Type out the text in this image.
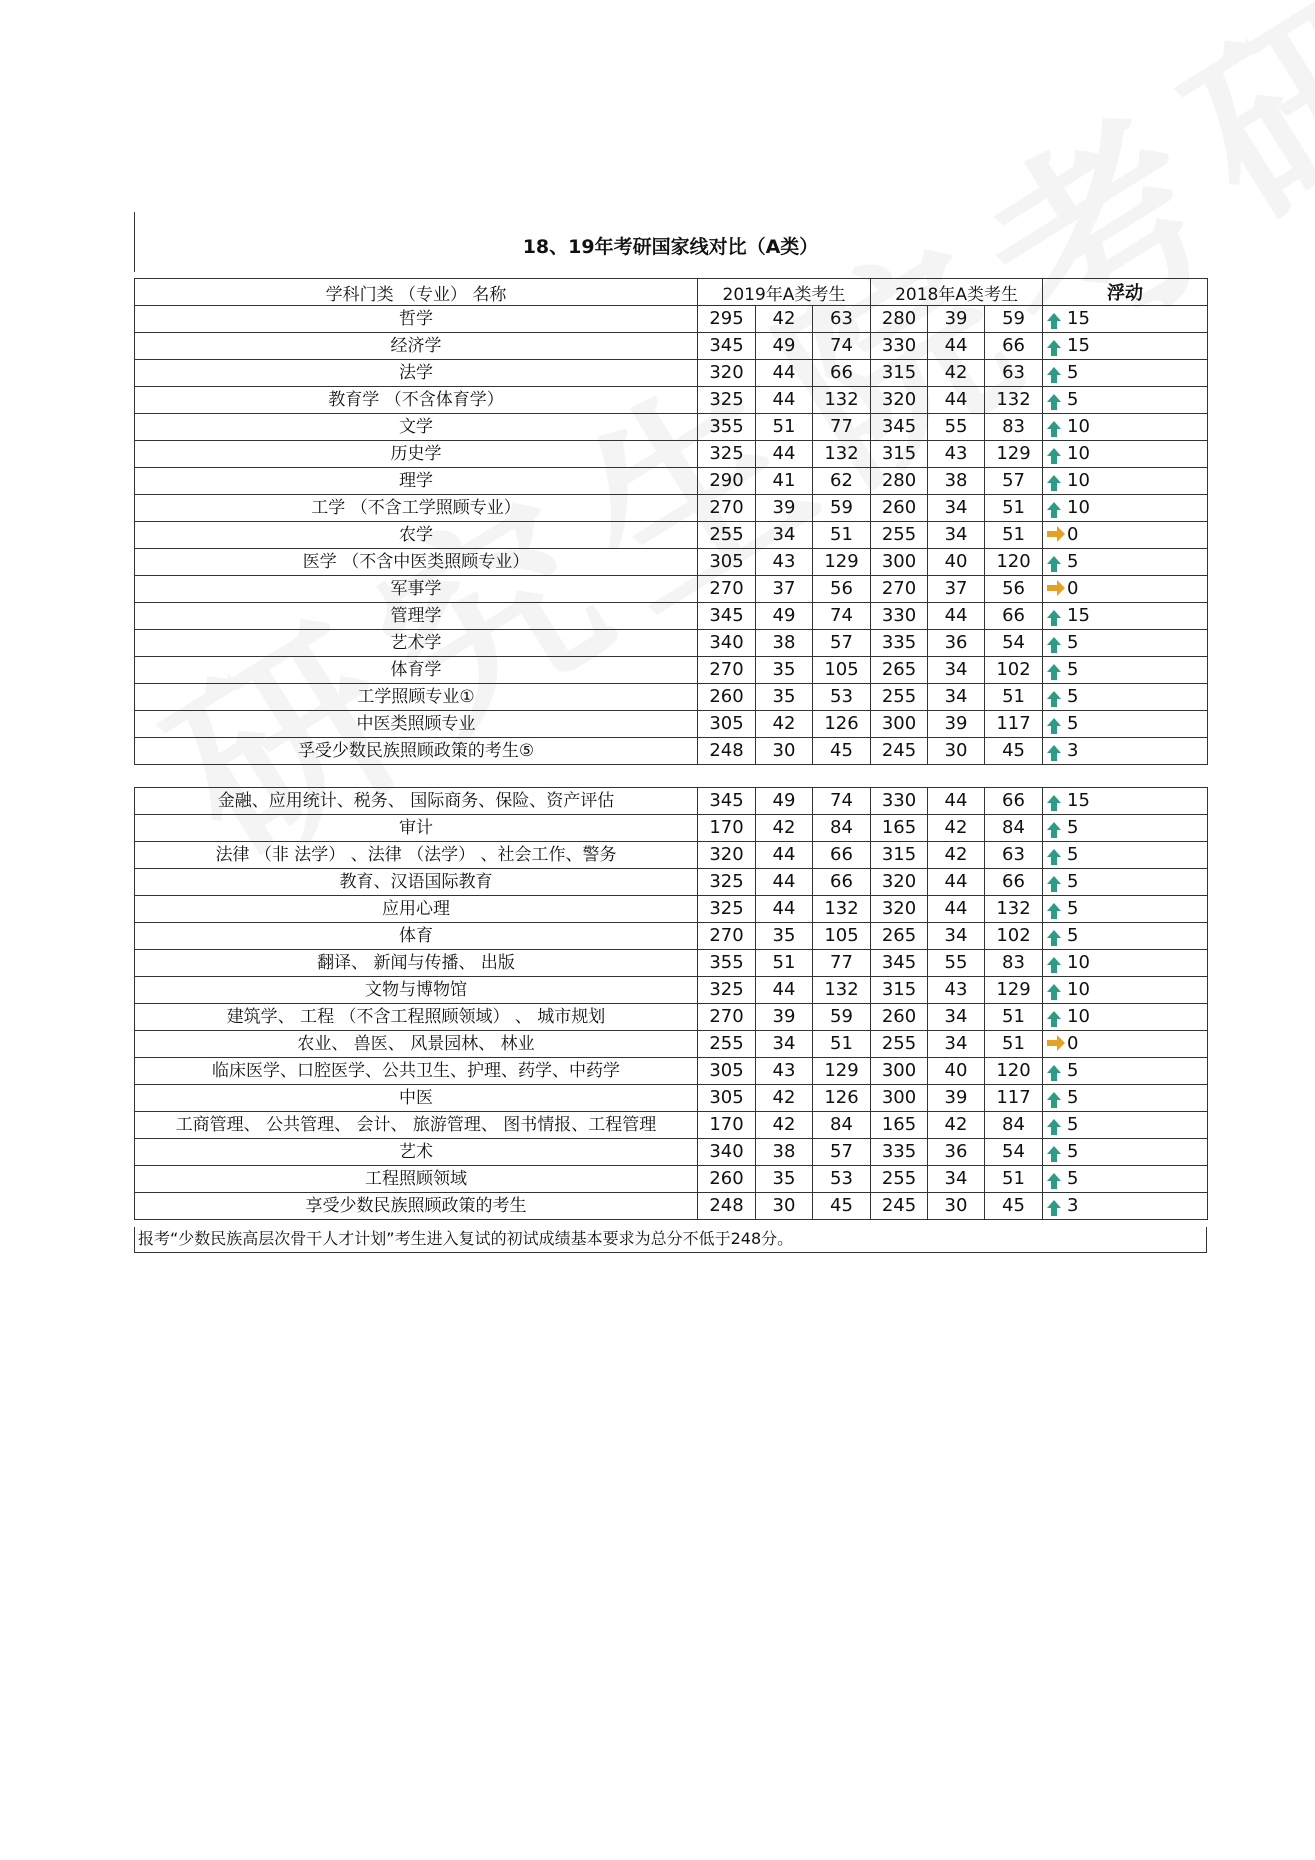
18、19年考研国家线对比（A类）
学科门类 （专业） 名称	2019年A类考生			2018年A类考生			浮动
哲学	295	42	63	280	39	59	15
经济学	345	49	74	330	44	66	15
法学	320	44	66	315	42	63	5
教育学 （不含体育学）	325	44	132	320	44	132	5
文学	355	51	77	345	55	83	10
历史学	325	44	132	315	43	129	10
理学	290	41	62	280	38	57	10
工学 （不含工学照顾专业）	270	39	59	260	34	51	10
农学	255	34	51	255	34	51	0
医学 （不含中医类照顾专业）	305	43	129	300	40	120	5
军事学	270	37	56	270	37	56	0
管理学	345	49	74	330	44	66	15
艺术学	340	38	57	335	36	54	5
体育学	270	35	105	265	34	102	5
工学照顾专业①	260	35	53	255	34	51	5
中医类照顾专业	305	42	126	300	39	117	5
孚受少数民族照顾政策的考生⑤	248	30	45	245	30	45	3
金融、应用统计、税务、 国际商务、保险、资产评估	345	49	74	330	44	66	15
审计	170	42	84	165	42	84	5
法律 （非 法学） 、法律 （法学） 、社会工作、警务	320	44	66	315	42	63	5
教育、汉语国际教育	325	44	66	320	44	66	5
应用心理	325	44	132	320	44	132	5
体育	270	35	105	265	34	102	5
翻译、 新闻与传播、 出版	355	51	77	345	55	83	10
文物与博物馆	325	44	132	315	43	129	10
建筑学、 工程 （不含工程照顾领域） 、 城市规划	270	39	59	260	34	51	10
农业、 兽医、 风景园林、 林业	255	34	51	255	34	51	0
临床医学、口腔医学、公共卫生、护理、药学、中药学	305	43	129	300	40	120	5
中医	305	42	126	300	39	117	5
工商管理、 公共管理、 会计、 旅游管理、 图书情报、工程管理	170	42	84	165	42	84	5
艺术	340	38	57	335	36	54	5
工程照顾领域	260	35	53	255	34	51	5
享受少数民族照顾政策的考生	248	30	45	245	30	45	3
报考“少数民族高层次骨干人才计划”考生进入复试的初试成绩基本要求为总分不低于248分。
